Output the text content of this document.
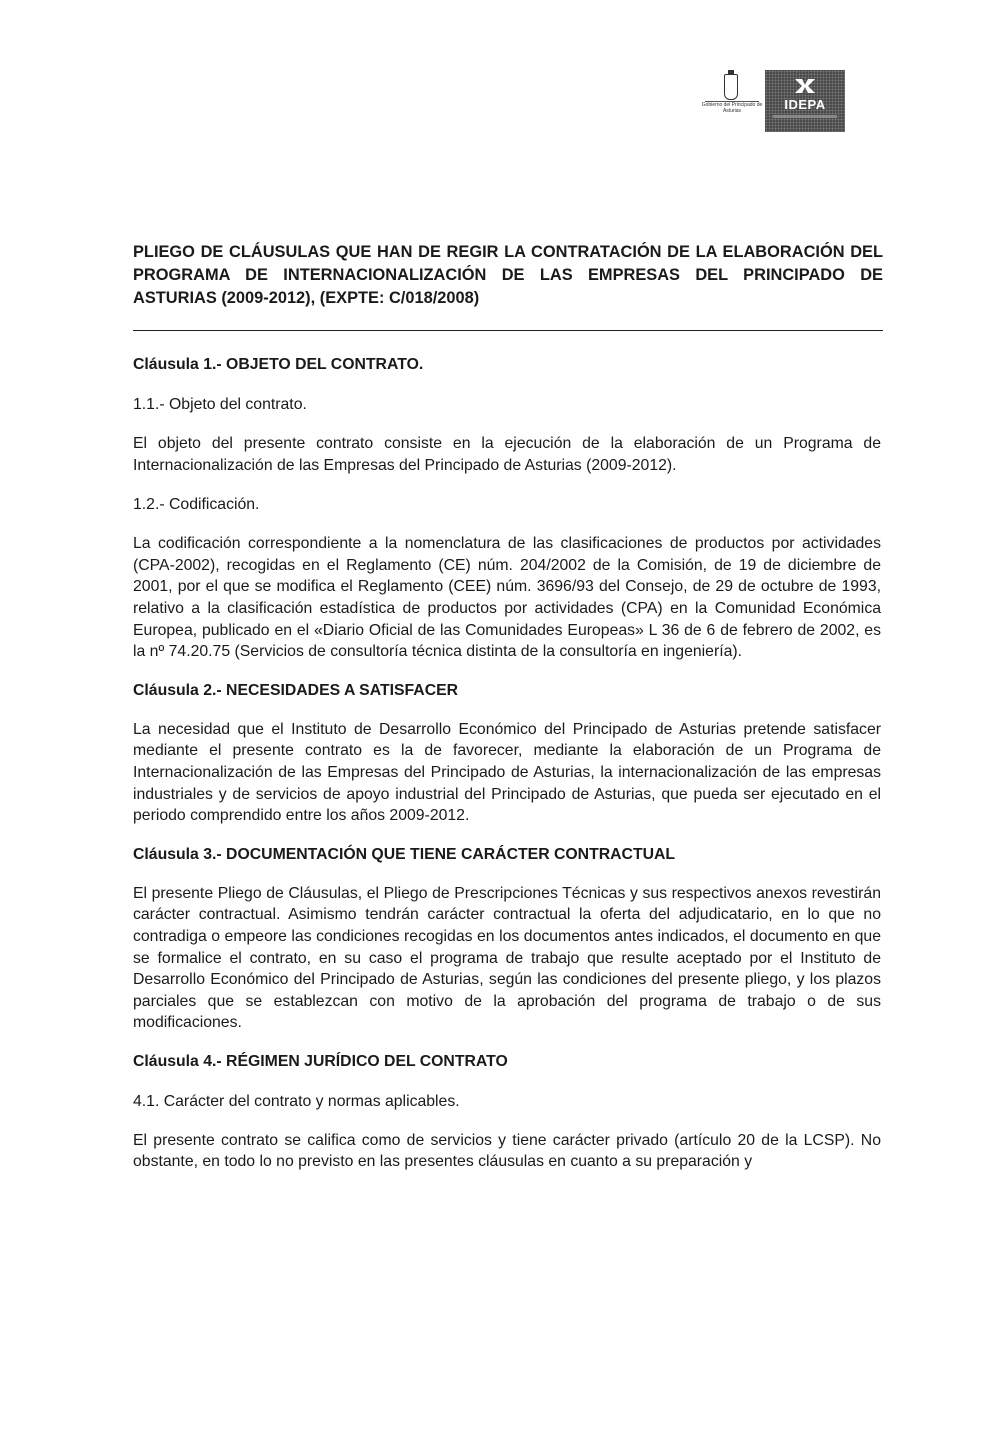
Gobierno del Principado de Asturias	IDEPA

PLIEGO DE CLÁUSULAS QUE HAN DE REGIR LA CONTRATACIÓN DE LA ELABORACIÓN DEL PROGRAMA DE INTERNACIONALIZACIÓN DE LAS EMPRESAS DEL PRINCIPADO DE ASTURIAS (2009-2012), (EXPTE: C/018/2008)

Cláusula 1.- OBJETO DEL CONTRATO.

1.1.- Objeto del contrato.

El objeto del presente contrato consiste en la ejecución de la elaboración de un Programa de Internacionalización de las Empresas del Principado de Asturias (2009-2012).

1.2.- Codificación.

La codificación correspondiente a la nomenclatura de las clasificaciones de productos por actividades (CPA-2002), recogidas en el Reglamento (CE) núm. 204/2002 de la Comisión, de 19 de diciembre de 2001, por el que se modifica el Reglamento (CEE) núm. 3696/93 del Consejo, de 29 de octubre de 1993, relativo a la clasificación estadística de productos por actividades (CPA) en la Comunidad Económica Europea, publicado en el «Diario Oficial de las Comunidades Europeas» L 36 de 6 de febrero de 2002, es la nº 74.20.75 (Servicios de consultoría técnica distinta de la consultoría en ingeniería).

Cláusula 2.- NECESIDADES A SATISFACER

La necesidad que el Instituto de Desarrollo Económico del Principado de Asturias pretende satisfacer mediante el presente contrato es la de favorecer, mediante la elaboración de un Programa de Internacionalización de las Empresas del Principado de Asturias, la internacionalización de las empresas industriales y de servicios de apoyo industrial del Principado de Asturias, que pueda ser ejecutado en el periodo comprendido entre los años 2009-2012.

Cláusula 3.- DOCUMENTACIÓN QUE TIENE CARÁCTER CONTRACTUAL

El presente Pliego de Cláusulas, el Pliego de Prescripciones Técnicas y sus respectivos anexos revestirán carácter contractual. Asimismo tendrán carácter contractual la oferta del adjudicatario, en lo que no contradiga o empeore las condiciones recogidas en los documentos antes indicados, el documento en que se formalice el contrato, en su caso el programa de trabajo que resulte aceptado por el Instituto de Desarrollo Económico del Principado de Asturias, según las condiciones del presente pliego, y los plazos parciales que se establezcan con motivo de la aprobación del programa de trabajo o de sus modificaciones.

Cláusula 4.- RÉGIMEN JURÍDICO DEL CONTRATO

4.1. Carácter del contrato y normas aplicables.

El presente contrato se califica como de servicios y tiene carácter privado (artículo 20 de la LCSP). No obstante, en todo lo no previsto en las presentes cláusulas en cuanto a su preparación y
